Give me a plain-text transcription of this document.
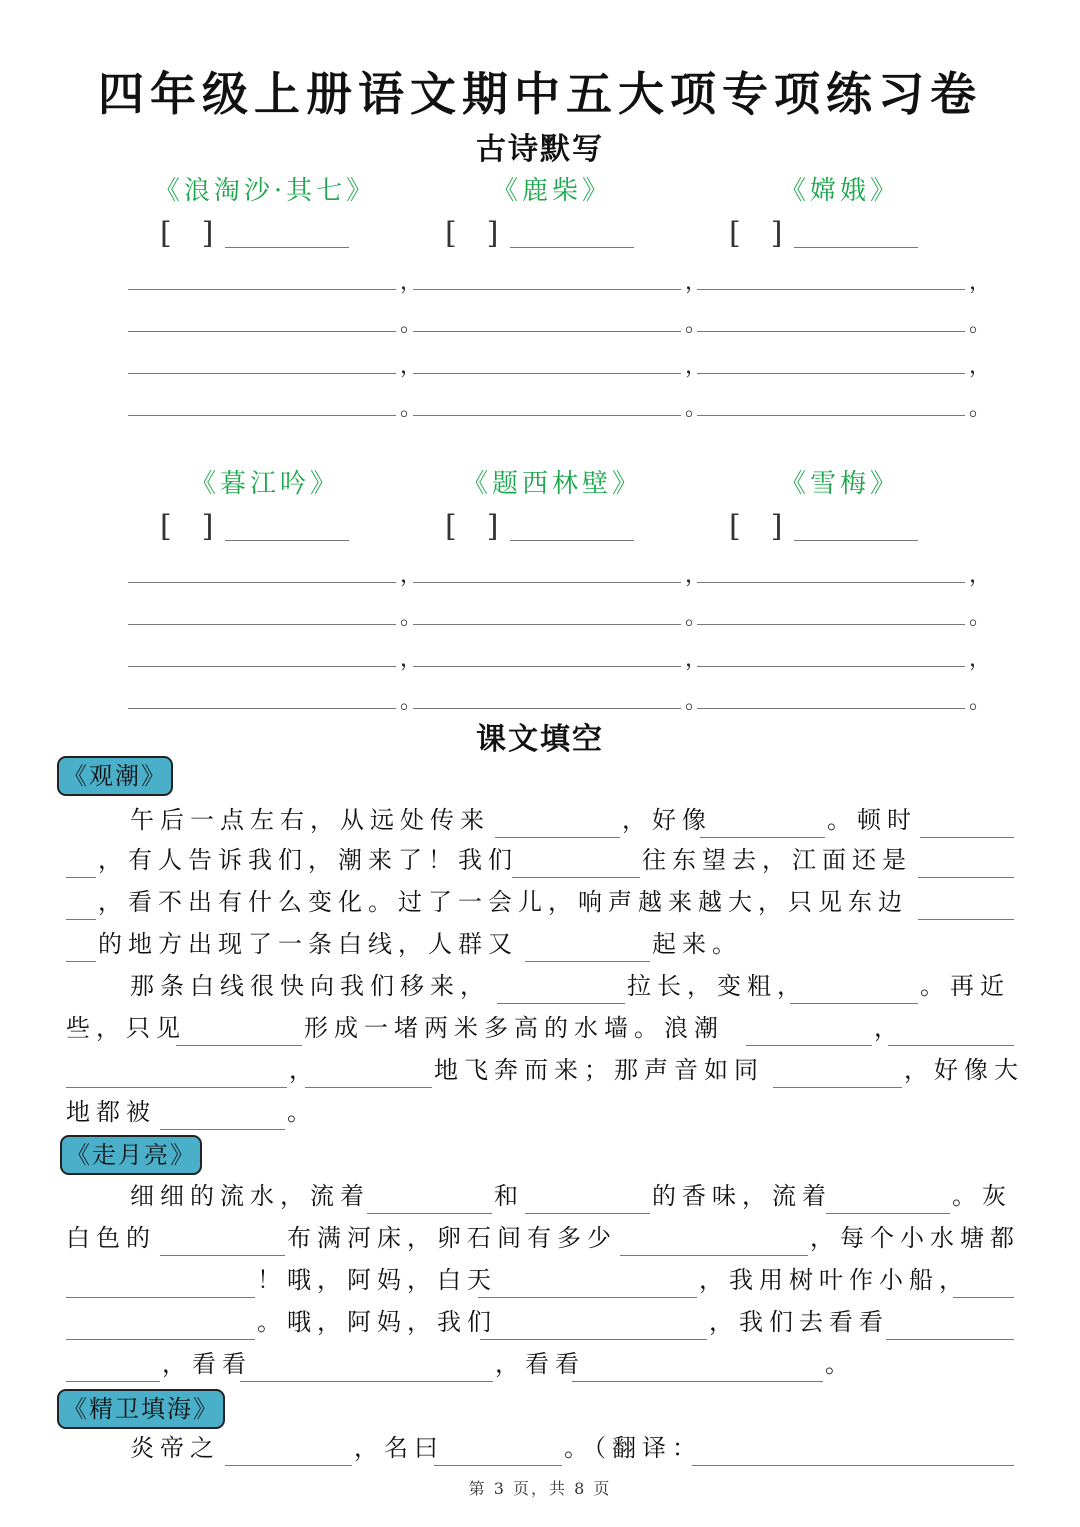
四年级上册语文期中五大项专项练习卷
古诗默写
课文填空
第 3 页，共 8 页
《浪淘沙·其七》
[　]
，
。
，
。
《鹿柴》
[　]
，
。
，
。
《嫦娥》
[　]
，
。
，
。
《暮江吟》
[　]
，
。
，
。
《题西林壁》
[　]
，
。
，
。
《雪梅》
[　]
，
。
，
。
《观潮》
午后一点左右，从远处传来	，好像	。顿时
，有人告诉我们，潮来了！我们	往东望去，江面还是
，看不出有什么变化。过了一会儿，响声越来越大，只见东边
的地方出现了一条白线，人群又	起来。
那条白线很快向我们移来，	拉长，变粗，	。再近
些，只见	形成一堵两米多高的水墙。浪潮	，
，	地飞奔而来；那声音如同	，好像大
地都被	。
《走月亮》
细细的流水，流着	和	的香味，流着	。灰
白色的	布满河床，卵石间有多少	，每个小水塘都
！哦，阿妈，白天	，我用树叶作小船，
。哦，阿妈，我们	，我们去看看
，看看	，看看	。
《精卫填海》
炎帝之	，名曰	。（翻译：
